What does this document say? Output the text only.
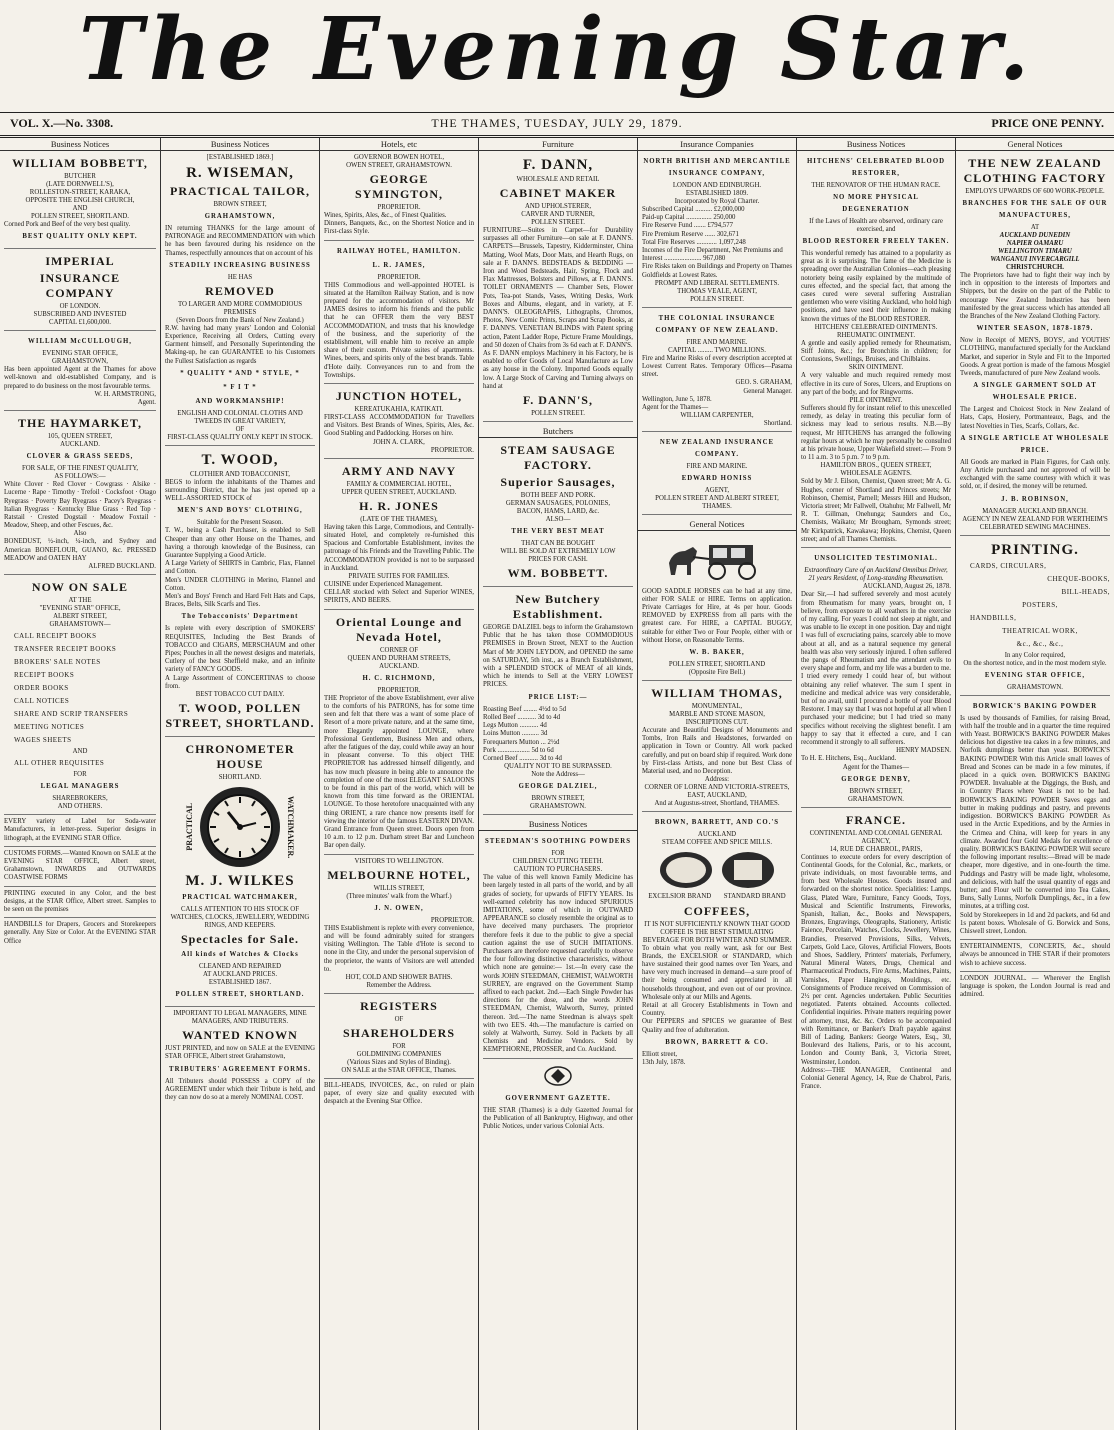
The Evening Star.
VOL. X.—No. 3308.	THE THAMES, TUESDAY, JULY 29, 1879.	PRICE ONE PENNY.
Business Notices
WILLIAM BOBBETT,
BUTCHER
(LATE DORNWELL'S),
ROLLESTON-STREET, KARAKA,
OPPOSITE THE ENGLISH CHURCH,
AND
POLLEN STREET, SHORTLAND.
Corned Pork and Beef of the very best quality.
BEST QUALITY ONLY KEPT.
IMPERIAL
INSURANCE COMPANY
OF LONDON.
SUBSCRIBED AND INVESTED
CAPITAL £1,600,000.
WILLIAM McCULLOUGH,
EVENING STAR OFFICE,
GRAHAMSTOWN,
Has been appointed Agent at the Thames for above well-known and old-established Company, and is prepared to do business on the most favourable terms.
W. H. ARMSTRONG,
Agent.
THE HAYMARKET,
105, QUEEN STREET,
AUCKLAND.
CLOVER & GRASS SEEDS,
FOR SALE, OF THE FINEST QUALITY,
AS FOLLOWS:—
White Clover · Red Clover · Cowgrass · Alsike · Lucerne · Rape · Timothy · Trefoil · Cocksfoot · Otago Ryegrass · Poverty Bay Ryegrass · Pacey's Ryegrass · Italian Ryegrass · Kentucky Blue Grass · Red Top · Ratstail · Crested Dogstail · Meadow Foxtail · Meadow, Sheep, and other Fescues, &c.
Also
BONEDUST, ½-inch, ¼-inch, and Sydney and American BONEFLOUR, GUANO, &c. PRESSED MEADOW and OATEN HAY
ALFRED BUCKLAND.
NOW ON SALE
AT THE
"EVENING STAR" OFFICE,
ALBERT STREET,
GRAHAMSTOWN—
CALL RECEIPT BOOKS
TRANSFER RECEIPT BOOKS
BROKERS' SALE NOTES
RECEIPT BOOKS
ORDER BOOKS
CALL NOTICES
SHARE AND SCRIP TRANSFERS
MEETING NOTICES
WAGES SHEETS
AND
ALL OTHER REQUISITES
FOR
LEGAL MANAGERS
SHAREBROKERS,
AND OTHERS.
EVERY variety of Label for Soda-water Manufacturers, in letter-press. Superior designs in lithograph, at the EVENING STAR Office.
CUSTOMS FORMS.—Wanted Known on SALE at the EVENING STAR OFFICE, Albert street, Grahamstown, INWARDS and OUTWARDS COASTWISE FORMS
PRINTING executed in any Color, and the best designs, at the STAR Office, Albert street. Samples to be seen on the premises
HANDBILLS for Drapers, Grocers and Storekeepers generally. Any Size or Color. At the EVENING STAR Office
Business Notices
[ESTABLISHED 1869.]
R. WISEMAN,
PRACTICAL TAILOR,
BROWN STREET,
GRAHAMSTOWN,
IN returning THANKS for the large amount of PATRONAGE and RECOMMENDATION with which he has been favoured during his residence on the Thames, respectfully announces that on account of his
STEADILY INCREASING BUSINESS
HE HAS
REMOVED
TO LARGER AND MORE COMMODIOUS PREMISES
(Seven Doors from the Bank of New Zealand.)
R.W. having had many years' London and Colonial Experience, Receiving all Orders, Cutting every Garment himself, and Personally Superintending the Making-up, he can GUARANTEE to his Customers the Fullest Satisfaction as regards
* QUALITY * AND * STYLE, *
* F I T *
AND WORKMANSHIP!
ENGLISH AND COLONIAL CLOTHS AND TWEEDS IN GREAT VARIETY,
OF
FIRST-CLASS QUALITY ONLY KEPT IN STOCK.
T. WOOD,
CLOTHIER AND TOBACCONIST,
BEGS to inform the inhabitants of the Thames and surrounding District, that he has just opened up a WELL-ASSORTED STOCK of
MEN'S AND BOYS' CLOTHING,
Suitable for the Present Season.
T. W., being a Cash Purchaser, is enabled to Sell Cheaper than any other House on the Thames, and having a thorough knowledge of the Business, can Guarantee Supplying a Good Article.
A Large Variety of SHIRTS in Cambric, Flax, Flannel and Cotton.
Men's UNDER CLOTHING in Merino, Flannel and Cotton.
Men's and Boys' French and Hard Felt Hats and Caps, Braces, Belts, Silk Scarfs and Ties.
The Tobacconists' Department
Is replete with every description of SMOKERS' REQUISITES, Including the Best Brands of TOBACCO and CIGARS, MERSCHAUM and other Pipes; Pouches in all the newest designs and materials, Cutlery of the best Sheffield make, and an infinite variety of FANCY GOODS.
A Large Assortment of CONCERTINAS to choose from.
BEST TOBACCO CUT DAILY.
T. WOOD, POLLEN STREET, SHORTLAND.
CHRONOMETER HOUSE
SHORTLAND.
PRACTICAL	WATCHMAKER.
M. J. WILKES
PRACTICAL WATCHMAKER,
CALLS ATTENTION TO HIS STOCK OF
WATCHES, CLOCKS, JEWELLERY, WEDDING RINGS, AND KEEPERS.
Spectacles for Sale.
All kinds of Watches & Clocks
CLEANED AND REPAIRED
AT AUCKLAND PRICES.
ESTABLISHED 1867.
POLLEN STREET, SHORTLAND.
IMPORTANT TO LEGAL MANAGERS, MINE MANAGERS, AND TRIBUTERS.
WANTED KNOWN
JUST PRINTED, and now on SALE at the EVENING STAR OFFICE, Albert street Grahamstown,
TRIBUTERS' AGREEMENT FORMS.
All Tributers should POSSESS a COPY of the AGREEMENT under which their Tribute is held, and they can now do so at a merely NOMINAL COST.
Hotels, etc
GOVERNOR BOWEN HOTEL,
OWEN STREET, GRAHAMSTOWN.
GEORGE SYMINGTON,
PROPRIETOR.
Wines, Spirits, Ales, &c., of Finest Qualities.
Dinners, Banquets, &c., on the Shortest Notice and in First-class Style.
RAILWAY HOTEL, HAMILTON.
L. R. JAMES,
PROPRIETOR.
THIS Commodious and well-appointed HOTEL is situated at the Hamilton Railway Station, and is now prepared for the accommodation of visitors. Mr JAMES desires to inform his friends and the public that he can OFFER them the very BEST ACCOMMODATION, and trusts that his knowledge of the business, and the superiority of the establishment, will enable him to receive an ample share of their custom. Private suites of apartments. Wines, beers, and spirits only of the best brands. Table d'Hote daily. Conveyances run to and from the Townships.
JUNCTION HOTEL,
KEREATUKAHIA, KATIKATI.
FIRST-CLASS ACCOMMODATION for Travellers and Visitors. Best Brands of Wines, Spirits, Ales, &c. Good Stabling and Paddocking. Horses on hire.
JOHN A. CLARK,
PROPRIETOR.
ARMY AND NAVY
FAMILY & COMMERCIAL HOTEL,
UPPER QUEEN STREET, AUCKLAND.
H. R. JONES
(LATE OF THE THAMES),
Having taken this Large, Commodious, and Centrally-situated Hotel, and completely re-furnished this Spacious and Comfortable Establishment, invites the patronage of his Friends and the Travelling Public. The ACCOMMODATION provided is not to be surpassed in Auckland.
PRIVATE SUITES FOR FAMILIES.
CUISINE under Experienced Management.
CELLAR stocked with Select and Superior WINES, SPIRITS, AND BEERS.
Oriental Lounge and Nevada Hotel,
CORNER OF
QUEEN AND DURHAM STREETS,
AUCKLAND.
H. C. RICHMOND,
PROPRIETOR.
THE Proprietor of the above Establishment, ever alive to the comforts of his PATRONS, has for some time seen and felt that there was a want of some place of Resort of a more private nature, and at the same time, more Elegantly appointed LOUNGE, where Professional Gentlemen, Business Men and others, after the fatigues of the day, could while away an hour in pleasant converse. To this object THE PROPRIETOR has addressed himself diligently, and has now much pleasure in being able to announce the completion of one of the most ELEGANT SALOONS to be found in this part of the world, which will be known from this time forward as the ORIENTAL LOUNGE. To those heretofore unacquainted with any thing ORIENT, a rare chance now presents itself for viewing the interior of the famous EASTERN DIVAN. Grand Entrance from Queen street. Doors open from 10 a.m. to 12 p.m. Durham street Bar and Luncheon Bar open daily.
VISITORS TO WELLINGTON.
MELBOURNE HOTEL,
WILLIS STREET,
(Three minutes' walk from the Wharf.)
J. N. OWEN,
PROPRIETOR.
THIS Establishment is replete with every convenience, and will be found admirably suited for strangers visiting Wellington. The Table d'Hote is second to none in the City, and under the personal supervision of the proprietor, the wants of Visitors are well attended to.
HOT, COLD AND SHOWER BATHS.
Remember the Address.
REGISTERS
OF
SHAREHOLDERS
FOR
GOLDMINING COMPANIES
(Various Sizes and Styles of Binding).
ON SALE at the STAR OFFICE, Thames.
BILL-HEADS, INVOICES, &c., on ruled or plain paper, of every size and quality executed with despatch at the Evening Star Office.
Furniture
F. DANN,
WHOLESALE AND RETAIL
CABINET MAKER
AND UPHOLSTERER,
CARVER AND TURNER,
POLLEN STREET.
FURNITURE—Suites in Carpet—for Durability surpasses all other Furniture—on sale at F. DANN'S. CARPETS—Brussels, Tapestry, Kidderminster, China Matting, Wool Mats, Door Mats, and Hearth Rugs, on sale at F. DANN'S. BEDSTEADS & BEDDING — Iron and Wood Bedsteads, Hair, Spring, Flock and Flax Mattresses, Bolsters and Pillows, at F. DANN'S. TOILET ORNAMENTS — Chamber Sets, Flower Pots, Tea-pot Stands, Vases, Writing Desks, Work Boxes and Albums, elegant, and in variety, at F. DANN'S. OLEOGRAPHS, Lithographs, Chromos, Photos, New Comic Prints, Scraps and Scrap Books, at F. DANN'S. VENETIAN BLINDS with Patent spring action, Patent Ladder Rope, Picture Frame Mouldings, and 50 dozen of Chairs from 3s 6d each at F. DANN'S.
As F. DANN employs Machinery in his Factory, he is enabled to offer Goods of Local Manufacture as Low as any house in the Colony. Imported Goods equally low. A Large Stock of Carving and Turning always on hand at
F. DANN'S,
POLLEN STREET.
Butchers
STEAM SAUSAGE FACTORY.
Superior Sausages,
BOTH BEEF AND PORK.
GERMAN SAUSAGES, POLONIES,
BACON, HAMS, LARD, &c.
ALSO—
THE VERY BEST MEAT
THAT CAN BE BOUGHT
WILL BE SOLD AT EXTREMELY LOW
PRICES FOR CASH.
WM. BOBBETT.
New Butchery Establishment.
GEORGE DALZIEL begs to inform the Grahamstown Public that he has taken those COMMODIOUS PREMISES in Brown Street, NEXT to the Auction Mart of Mr JOHN LEYDON, and OPENED the same on SATURDAY, 5th inst., as a Branch Establishment, with a SPLENDID STOCK of MEAT of all kinds, which he intends to Sell at the VERY LOWEST PRICES.
PRICE LIST:—
Roasting Beef ........ 4½d to 5d
Rolled Beef ........... 3d to 4d
Legs Mutton ........... 4d
Loins Mutton .......... 3d
Forequarters Mutton ... 2½d
Pork ................... 5d to 6d
Corned Beef ........... 3d to 4d
QUALITY NOT TO BE SURPASSED.
Note the Address—
GEORGE DALZIEL,
BROWN STREET,
GRAHAMSTOWN.
Business Notices
STEEDMAN'S SOOTHING POWDERS
FOR
CHILDREN CUTTING TEETH.
CAUTION TO PURCHASERS.
The value of this well known Family Medicine has been largely tested in all parts of the world, and by all grades of society, for upwards of FIFTY YEARS. Its well-earned celebrity has now induced SPURIOUS IMITATIONS, some of which in OUTWARD APPEARANCE so closely resemble the original as to have deceived many purchasers. The proprietor therefore feels it due to the public to give a special caution against the use of SUCH IMITATIONS. Purchasers are therefore requested carefully to observe the four following distinctive characteristics, without which none are genuine:— 1st.—In every case the words JOHN STEEDMAN, CHEMIST, WALWORTH SURREY, are engraved on the Government Stamp affixed to each packet. 2nd.—Each Single Powder has directions for the dose, and the words JOHN STEEDMAN, Chemist, Walworth, Surrey, printed thereon. 3rd.—The name Steedman is always spelt with two EE'S. 4th.—The manufacture is carried on solely at Walworth, Surrey. Sold in Packets by all Chemists and Medicine Vendors. Sold by KEMPTHORNE, PROSSER, and Co. Auckland.
GOVERNMENT GAZETTE.
THE STAR (Thames) is a duly Gazetted Journal for the Publication of all Bankruptcy, Highway, and other Public Notices, under various Colonial Acts.
Insurance Companies
NORTH BRITISH AND MERCANTILE INSURANCE COMPANY,
LONDON AND EDINBURGH.
ESTABLISHED 1809.
Incorporated by Royal Charter.
Subscribed Capital .......... £2,000,000
Paid-up Capital ............... 250,000
Fire Reserve Fund ....... £794,577
Fire Premium Reserve ...... 302,671
Total Fire Reserves ............ 1,097,248
Incomes of the Fire Department, Net Premiums and Interest ...................... 967,080
Fire Risks taken on Buildings and Property on Thames Goldfields at Lowest Rates.
PROMPT AND LIBERAL SETTLEMENTS.
THOMAS VEALE, AGENT,
POLLEN STREET.
THE COLONIAL INSURANCE COMPANY OF NEW ZEALAND.
FIRE AND MARINE.
CAPITAL ......... TWO MILLIONS.
Fire and Marine Risks of every description accepted at Lowest Current Rates. Temporary Offices—Pasama street.
GEO. S. GRAHAM,
General Manager.
Wellington, June 5, 1878.
Agent for the Thames—
WILLIAM CARPENTER,
Shortland.
NEW ZEALAND INSURANCE COMPANY.
FIRE AND MARINE.
EDWARD HONISS
AGENT,
POLLEN STREET AND ALBERT STREET,
THAMES.
General Notices
GOOD SADDLE HORSES can be had at any time, either FOR SALE or HIRE. Terms on application. Private Carriages for Hire, at 4s per hour. Goods REMOVED by EXPRESS from all parts with the greatest care. For HIRE, a CAPITAL BUGGY, suitable for either Two or Four People, either with or without Horse, on Reasonable Terms.
W. B. BAKER,
POLLEN STREET, SHORTLAND
(Opposite Fire Bell.)
WILLIAM THOMAS,
MONUMENTAL,
MARBLE AND STONE MASON,
INSCRIPTIONS CUT.
Accurate and Beautiful Designs of Monuments and Tombs, Iron Rails and Headstones, forwarded on application in Town or Country. All work packed carefully, and put on board ship if required. Work done by First-class Artists, and none but Best Class of Material used, and no Deception.
Address:
CORNER OF LORNE AND VICTORIA-STREETS, EAST, AUCKLAND,
And at Augustus-street, Shortland, THAMES.
BROWN, BARRETT, AND CO.'S
AUCKLAND
STEAM COFFEE AND SPICE MILLS.
EXCELSIOR BRAND STANDARD BRAND
COFFEES,
IT IS NOT SUFFICIENTLY KNOWN THAT GOOD COFFEE IS THE BEST STIMULATING BEVERAGE FOR BOTH WINTER AND SUMMER.
To obtain what you really want, ask for our Best Brands, the EXCELSIOR or STANDARD, which have sustained their good names over Ten Years, and have very much increased in demand—a sure proof of their being consumed and appreciated in all households throughout, and even out of our province. Wholesale only at our Mills and Agents.
Retail at all Grocery Establishments in Town and Country.
Our PEPPERS and SPICES we guarantee of Best Quality and free of adulteration.
BROWN, BARRETT & CO.
Elliott street,
13th July, 1878.
Business Notices
HITCHENS' CELEBRATED BLOOD RESTORER,
THE RENOVATOR OF THE HUMAN RACE.
NO MORE PHYSICAL DEGENERATION
If the Laws of Health are observed, ordinary care exercised, and
BLOOD RESTORER FREELY TAKEN.
This wonderful remedy has attained to a popularity as great as it is surprising. The fame of the Medicine is spreading over the Australian Colonies—each pleasing notoriety being easily explained by the multitude of cures effected, and the special fact, that among the cases cured were several suffering Australian gentlemen who were visiting Auckland, who hold high positions, and have used their influence in making known the virtues of the BLOOD RESTORER.
HITCHENS' CELEBRATED OINTMENTS.
RHEUMATIC OINTMENT.
A gentle and easily applied remedy for Rheumatism, Stiff Joints, &c.; for Bronchitis in children; for Contusions, Swellings, Bruises, and Chilblains.
SKIN OINTMENT.
A very valuable and much required remedy most effective in its cure of Sores, Ulcers, and Eruptions on any part of the body, and for Ringworms.
PILE OINTMENT.
Sufferers should fly for instant relief to this unexcelled remedy, as delay in treating this peculiar form of sickness may lead to serious results. N.B.—By request, Mr HITCHENS has arranged the following regular hours at which he may personally be consulted at his private house, Upper Wakefield street:— From 9 to 11 a.m. 3 to 5 p.m. 7 to 9 p.m.
HAMILTON BROS., QUEEN STREET, WHOLESALE AGENTS.
Sold by Mr J. Eilson, Chemist, Queen street; Mr A. G. Hughes, corner of Shortland and Princes streets; Mr Robinson, Chemist, Parnell; Messrs Hill and Hudson, Victoria street; Mr Fallwell, Otahuhu; Mr Fallwell, Mr R. T. Gillman, Onehunga; Saunders and Co., Chemists, Waikato; Mr Brougham, Symonds street; Mr Kirkpatrick, Kawakawa; Hopkins, Chemist, Queen street; and of all Thames Chemists.
UNSOLICITED TESTIMONIAL.
Extraordinary Cure of an Auckland Omnibus Driver, 21 years Resident, of Long-standing Rheumatism.
AUCKLAND, August 26, 1878.
Dear Sir,—I had suffered severely and most acutely from Rheumatism for many years, brought on, I believe, from exposure to all weathers in the exercise of my calling. For years I could not sleep at night, and was unable to lie except in one position. Day and night I was full of excruciating pains, scarcely able to move about at all, and as a natural sequence my general health was also very seriously injured. I often suffered the pangs of Rheumatism and the attendant evils to every shape and form, and my life was a burden to me. I tried every remedy I could hear of, but without obtaining any relief whatever. The sum I spent in medicine and medical advice was very considerable, but of no avail, until I procured a bottle of your Blood Restorer. I may say that I was not hopeful at all when I purchased your medicine; but I had tried so many specifics without receiving the slightest benefit. I am happy to say that it effected a cure, and I can recommend it strongly to all sufferers.
HENRY MADSEN.
To H. E. Hitchens, Esq., Auckland.
Agent for the Thames—
GEORGE DENBY,
BROWN STREET,
GRAHAMSTOWN.
FRANCE.
CONTINENTAL AND COLONIAL GENERAL AGENCY,
14, RUE DE CHABROL, PARIS,
Continues to execute orders for every description of Continental Goods, for the Colonial, &c., markets, or private individuals, on most favourable terms, and from best Wholesale Houses. Goods insured and forwarded on the shortest notice. Specialities: Lamps, Glass, Plated Ware, Furniture, Fancy Goods, Toys, Musical and Scientific Instruments, Fireworks, Spanish, Italian, &c., Books and Newspapers, Bronzes, Engravings, Oleographs, Stationery, Artistic Faience, Porcelain, Watches, Clocks, Jewellery, Wines, Brandies, Preserved Provisions, Silks, Velvets, Carpets, Gold Lace, Gloves, Artificial Flowers, Boots and Shoes, Saddlery, Printers' materials, Perfumery, Natural Mineral Waters, Drugs, Chemical and Pharmaceutical Products, Fire Arms, Machines, Paints, Varnishes, Paper Hangings, Mouldings, etc. Consignments of Produce received on Commission of 2½ per cent. Agencies undertaken. Public Securities negotiated. Patents obtained. Accounts collected. Confidential inquiries. Private matters requiring power of attorney, trust, &c. &c. Orders to be accompanied with Remittance, or Banker's Draft payable against Bill of Lading. Bankers: George Waters, Esq., 30, Boulevard des Italiens, Paris, or to his account, London and County Bank, 3, Victoria Street, Westminster, London.
Address:—THE MANAGER, Continental and Colonial General Agency, 14, Rue de Chabrol, Paris, France.
General Notices
THE NEW ZEALAND CLOTHING FACTORY
EMPLOYS UPWARDS OF 600 WORK-PEOPLE.
BRANCHES FOR THE SALE OF OUR MANUFACTURES,
AT
AUCKLAND DUNEDIN
NAPIER OAMARU
WELLINGTON TIMARU
WANGANUI INVERCARGILL
CHRISTCHURCH.
The Proprietors have had to fight their way inch by inch in opposition to the interests of Importers and Shippers, but the desire on the part of the Public to encourage New Zealand Industries has been manifested by the great success which has attended all the Branches of the New Zealand Clothing Factory.
WINTER SEASON, 1878-1879.
Now in Receipt of MEN'S, BOYS', and YOUTHS' CLOTHING, manufactured specially for the Auckland Market, and superior in Style and Fit to the Imported Goods. A great portion is made of the famous Mosgiel Tweeds, manufactured of pure New Zealand wools.
A SINGLE GARMENT SOLD AT WHOLESALE PRICE.
The Largest and Choicest Stock in New Zealand of Hats, Caps, Hosiery, Portmanteaux, Bags, and the latest Novelties in Ties, Scarfs, Collars, &c.
A SINGLE ARTICLE AT WHOLESALE PRICE.
All Goods are marked in Plain Figures, for Cash only. Any Article purchased and not approved of will be exchanged with the same courtesy with which it was sold, or, if desired, the money will be returned.
J. B. ROBINSON,
MANAGER AUCKLAND BRANCH.
AGENCY IN NEW ZEALAND FOR WERTHEIM'S CELEBRATED SEWING MACHINES.
PRINTING.
CARDS, CIRCULARS,
CHEQUE-BOOKS,
BILL-HEADS,
POSTERS,
HANDBILLS,
THEATRICAL WORK,
&c., &c., &c.,
In any Color required,
On the shortest notice, and in the most modern style.
EVENING STAR OFFICE,
GRAHAMSTOWN.
BORWICK'S BAKING POWDER
Is used by thousands of Families, for raising Bread, with half the trouble and in a quarter the time required with Yeast. BORWICK'S BAKING POWDER Makes delicious hot digestive tea cakes in a few minutes, and Norfolk dumplings better than yeast. BORWICK'S BAKING POWDER With this Article small loaves of Bread and Scones can be made in a few minutes, if placed in a quick oven. BORWICK'S BAKING POWDER. Invaluable at the Diggings, the Bush, and in Country Places where Yeast is not to be had. BORWICK'S BAKING POWDER Saves eggs and butter in making puddings and pastry, and prevents indigestion. BORWICK'S BAKING POWDER As used in the Arctic Expeditions, and by the Armies in the Crimea and China, will keep for years in any climate. Awarded four Gold Medals for excellence of quality. BORWICK'S BAKING POWDER Will secure the following important results:—Bread will be made cheaper, more digestive, and in one-fourth the time. Puddings and Pastry will be made light, wholesome, and delicious, with half the usual quantity of eggs and butter; and Flour will be converted into Tea Cakes, Buns, Sally Lunns, Norfolk Dumplings, &c., in a few minutes, at a trifling cost.
Sold by Storekeepers in 1d and 2d packets, and 6d and 1s patent boxes. Wholesale of G. Borwick and Sons, Chiswell street, London.
ENTERTAINMENTS, CONCERTS, &c., should always be announced in THE STAR if their promoters wish to achieve success.
LONDON JOURNAL. — Wherever the English language is spoken, the London Journal is read and admired.
